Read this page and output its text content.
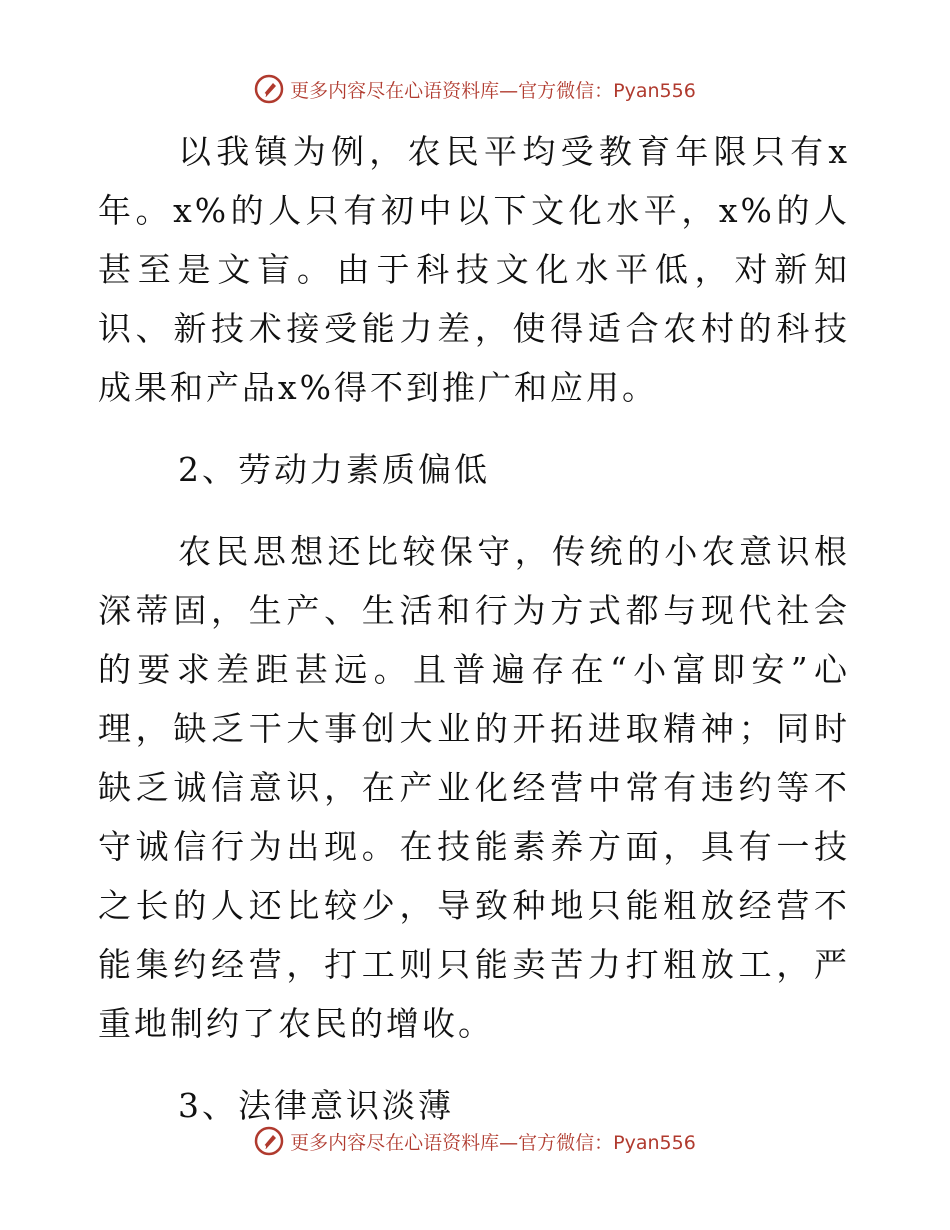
更多内容尽在心语资料库—官方微信：Pyan556

以我镇为例，农民平均受教育年限只有x年。x%的人只有初中以下文化水平，x%的人甚至是文盲。由于科技文化水平低，对新知识、新技术接受能力差，使得适合农村的科技成果和产品x%得不到推广和应用。

2、劳动力素质偏低

农民思想还比较保守，传统的小农意识根深蒂固，生产、生活和行为方式都与现代社会的要求差距甚远。且普遍存在“小富即安”心理，缺乏干大事创大业的开拓进取精神；同时缺乏诚信意识，在产业化经营中常有违约等不守诚信行为出现。在技能素养方面，具有一技之长的人还比较少，导致种地只能粗放经营不能集约经营，打工则只能卖苦力打粗放工，严重地制约了农民的增收。

3、法律意识淡薄

更多内容尽在心语资料库—官方微信：Pyan556
